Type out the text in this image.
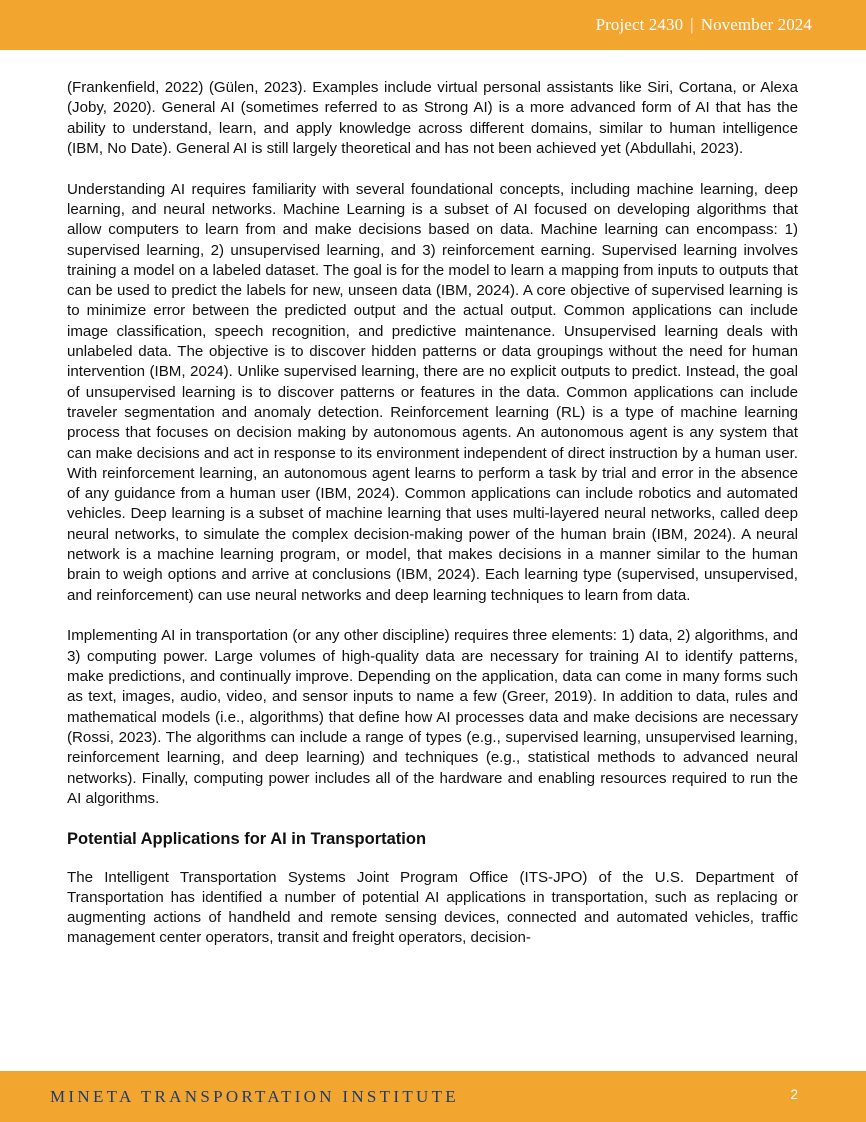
Project 2430 | November 2024

(Frankenfield, 2022) (Gülen, 2023). Examples include virtual personal assistants like Siri, Cortana, or Alexa (Joby, 2020). General AI (sometimes referred to as Strong AI) is a more advanced form of AI that has the ability to understand, learn, and apply knowledge across different domains, similar to human intelligence (IBM, No Date). General AI is still largely theoretical and has not been achieved yet (Abdullahi, 2023).

Understanding AI requires familiarity with several foundational concepts, including machine learning, deep learning, and neural networks. Machine Learning is a subset of AI focused on developing algorithms that allow computers to learn from and make decisions based on data. Machine learning can encompass: 1) supervised learning, 2) unsupervised learning, and 3) reinforcement earning. Supervised learning involves training a model on a labeled dataset. The goal is for the model to learn a mapping from inputs to outputs that can be used to predict the labels for new, unseen data (IBM, 2024). A core objective of supervised learning is to minimize error between the predicted output and the actual output. Common applications can include image classification, speech recognition, and predictive maintenance. Unsupervised learning deals with unlabeled data. The objective is to discover hidden patterns or data groupings without the need for human intervention (IBM, 2024). Unlike supervised learning, there are no explicit outputs to predict. Instead, the goal of unsupervised learning is to discover patterns or features in the data. Common applications can include traveler segmentation and anomaly detection. Reinforcement learning (RL) is a type of machine learning process that focuses on decision making by autonomous agents. An autonomous agent is any system that can make decisions and act in response to its environment independent of direct instruction by a human user. With reinforcement learning, an autonomous agent learns to perform a task by trial and error in the absence of any guidance from a human user (IBM, 2024). Common applications can include robotics and automated vehicles. Deep learning is a subset of machine learning that uses multi-layered neural networks, called deep neural networks, to simulate the complex decision-making power of the human brain (IBM, 2024). A neural network is a machine learning program, or model, that makes decisions in a manner similar to the human brain to weigh options and arrive at conclusions (IBM, 2024). Each learning type (supervised, unsupervised, and reinforcement) can use neural networks and deep learning techniques to learn from data.

Implementing AI in transportation (or any other discipline) requires three elements: 1) data, 2) algorithms, and 3) computing power. Large volumes of high-quality data are necessary for training AI to identify patterns, make predictions, and continually improve. Depending on the application, data can come in many forms such as text, images, audio, video, and sensor inputs to name a few (Greer, 2019). In addition to data, rules and mathematical models (i.e., algorithms) that define how AI processes data and make decisions are necessary (Rossi, 2023). The algorithms can include a range of types (e.g., supervised learning, unsupervised learning, reinforcement learning, and deep learning) and techniques (e.g., statistical methods to advanced neural networks). Finally, computing power includes all of the hardware and enabling resources required to run the AI algorithms.

Potential Applications for AI in Transportation

The Intelligent Transportation Systems Joint Program Office (ITS-JPO) of the U.S. Department of Transportation has identified a number of potential AI applications in transportation, such as replacing or augmenting actions of handheld and remote sensing devices, connected and automated vehicles, traffic management center operators, transit and freight operators, decision-

MINETA TRANSPORTATION INSTITUTE	2
